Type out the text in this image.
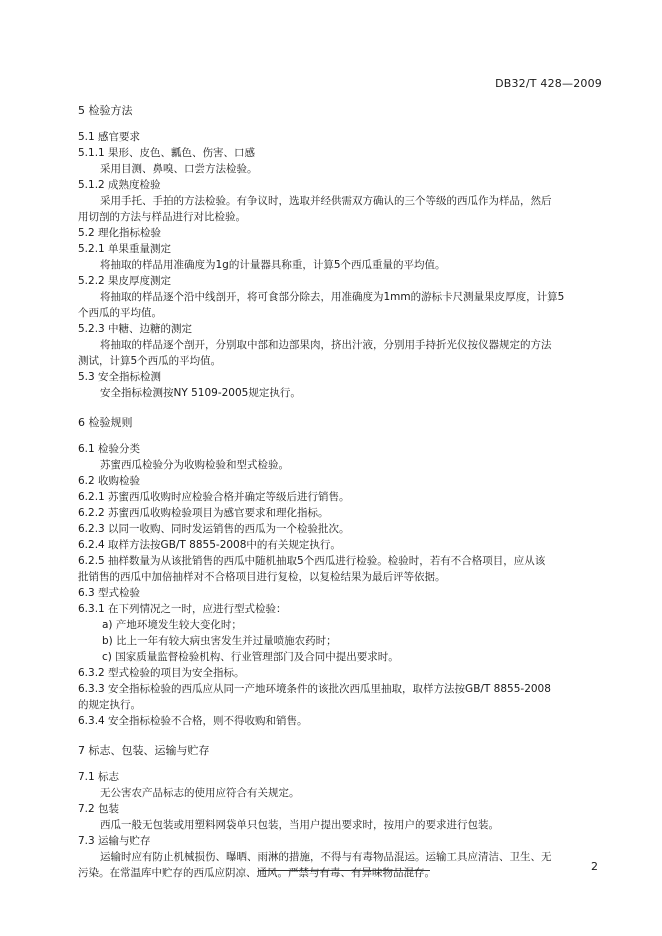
DB32/T 428—2009
5 检验方法
5.1 感官要求
5.1.1 果形、皮色、瓤色、伤害、口感
采用目测、鼻嗅、口尝方法检验。
5.1.2 成熟度检验
采用手托、手拍的方法检验。有争议时，选取并经供需双方确认的三个等级的西瓜作为样品，然后
用切剖的方法与样品进行对比检验。
5.2 理化指标检验
5.2.1 单果重量测定
将抽取的样品用准确度为1g的计量器具称重，计算5个西瓜重量的平均值。
5.2.2 果皮厚度测定
将抽取的样品逐个沿中线剖开，将可食部分除去，用准确度为1mm的游标卡尺测量果皮厚度，计算5
个西瓜的平均值。
5.2.3 中糖、边糖的测定
将抽取的样品逐个剖开，分别取中部和边部果肉，挤出汁液，分别用手持折光仪按仪器规定的方法
测试，计算5个西瓜的平均值。
5.3 安全指标检测
安全指标检测按NY 5109-2005规定执行。
6 检验规则
6.1 检验分类
苏蜜西瓜检验分为收购检验和型式检验。
6.2 收购检验
6.2.1 苏蜜西瓜收购时应检验合格并确定等级后进行销售。
6.2.2 苏蜜西瓜收购检验项目为感官要求和理化指标。
6.2.3 以同一收购、同时发运销售的西瓜为一个检验批次。
6.2.4 取样方法按GB/T 8855-2008中的有关规定执行。
6.2.5 抽样数量为从该批销售的西瓜中随机抽取5个西瓜进行检验。检验时，若有不合格项目，应从该
批销售的西瓜中加倍抽样对不合格项目进行复检，以复检结果为最后评等依据。
6.3 型式检验
6.3.1 在下列情况之一时，应进行型式检验：
a) 产地环境发生较大变化时；
b) 比上一年有较大病虫害发生并过量喷施农药时；
c) 国家质量监督检验机构、行业管理部门及合同中提出要求时。
6.3.2 型式检验的项目为安全指标。
6.3.3 安全指标检验的西瓜应从同一产地环境条件的该批次西瓜里抽取，取样方法按GB/T 8855-2008
的规定执行。
6.3.4 安全指标检验不合格，则不得收购和销售。
7 标志、包装、运输与贮存
7.1 标志
无公害农产品标志的使用应符合有关规定。
7.2 包装
西瓜一般无包装或用塑料网袋单只包装，当用户提出要求时，按用户的要求进行包装。
7.3 运输与贮存
运输时应有防止机械损伤、曝晒、雨淋的措施，不得与有毒物品混运。运输工具应清洁、卫生、无
污染。在常温库中贮存的西瓜应阴凉、通风。严禁与有毒、有异味物品混存。	2
